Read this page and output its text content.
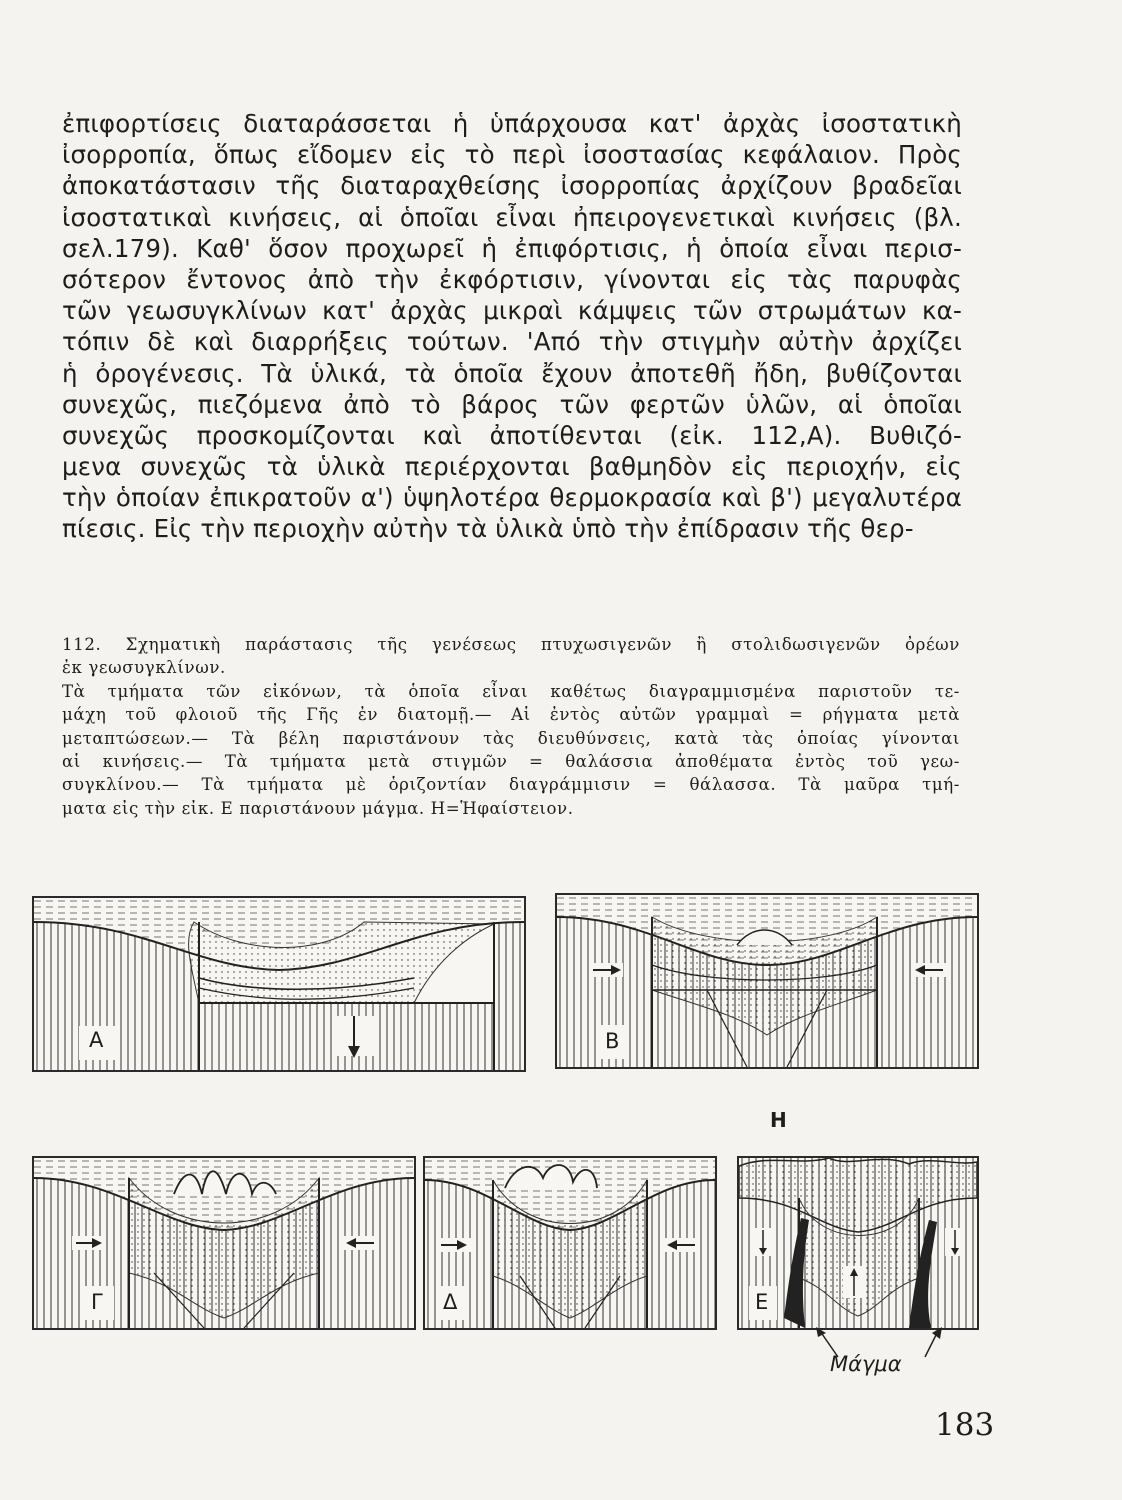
ἐπιφορτίσεις διαταράσσεται ἡ ὑπάρχουσα κατ' ἀρχὰς ἰσοστατικὴ
ἰσορροπία, ὅπως εἴδομεν εἰς τὸ περὶ ἰσοστασίας κεφάλαιον. Πρὸς
ἀποκατάστασιν τῆς διαταραχθείσης ἰσορροπίας ἀρχίζουν βραδεῖαι
ἰσοστατικαὶ κινήσεις, αἱ ὁποῖαι εἶναι ἠπειρογενετικαὶ κινήσεις (βλ.
σελ.179). Καθ' ὅσον προχωρεῖ ἡ ἐπιφόρτισις, ἡ ὁποία εἶναι περισ-
σότερον ἔντονος ἀπὸ τὴν ἐκφόρτισιν, γίνονται εἰς τὰς παρυφὰς
τῶν γεωσυγκλίνων κατ' ἀρχὰς μικραὶ κάμψεις τῶν στρωμάτων κα-
τόπιν δὲ καὶ διαρρήξεις τούτων. 'Από τὴν στιγμὴν αὐτὴν ἀρχίζει
ἡ ὀρογένεσις. Τὰ ὑλικά, τὰ ὁποῖα ἔχουν ἀποτεθῆ ἤδη, βυθίζονται
συνεχῶς, πιεζόμενα ἀπὸ τὸ βάρος τῶν φερτῶν ὑλῶν, αἱ ὁποῖαι
συνεχῶς προσκομίζονται καὶ ἀποτίθενται (εἰκ. 112,Α). Βυθιζό-
μενα συνεχῶς τὰ ὑλικὰ περιέρχονται βαθμηδὸν εἰς περιοχήν, εἰς
τὴν ὁποίαν ἐπικρατοῦν α') ὑψηλοτέρα θερμοκρασία καὶ β') μεγαλυτέρα
πίεσις. Εἰς τὴν περιοχὴν αὐτὴν τὰ ὑλικὰ ὑπὸ τὴν ἐπίδρασιν τῆς θερ-
112. Σχηματικὴ παράστασις τῆς γενέσεως πτυχωσιγενῶν ἢ στολιδωσιγενῶν ὀρέων
ἐκ γεωσυγκλίνων.
Τὰ τμήματα τῶν εἰκόνων, τὰ ὁποῖα εἶναι καθέτως διαγραμμισμένα παριστοῦν τε-
μάχη τοῦ φλοιοῦ τῆς Γῆς ἐν διατομῇ.— Αἱ ἐντὸς αὐτῶν γραμμαὶ = ρήγματα μετὰ
μεταπτώσεων.— Τὰ βέλη παριστάνουν τὰς διευθύνσεις, κατὰ τὰς ὁποίας γίνονται
αἱ κινήσεις.— Τὰ τμήματα μετὰ στιγμῶν = θαλάσσια ἀποθέματα ἐντὸς τοῦ γεω-
συγκλίνου.— Τὰ τμήματα μὲ ὁριζοντίαν διαγράμμισιν = θάλασσα. Τὰ μαῦρα τμή-
ματα εἰς τὴν εἰκ. Ε παριστάνουν μάγμα. Η=Ἡφαίστειον.
Α	Β
Γ	Δ	Ε
Η
Μάγμα
183
